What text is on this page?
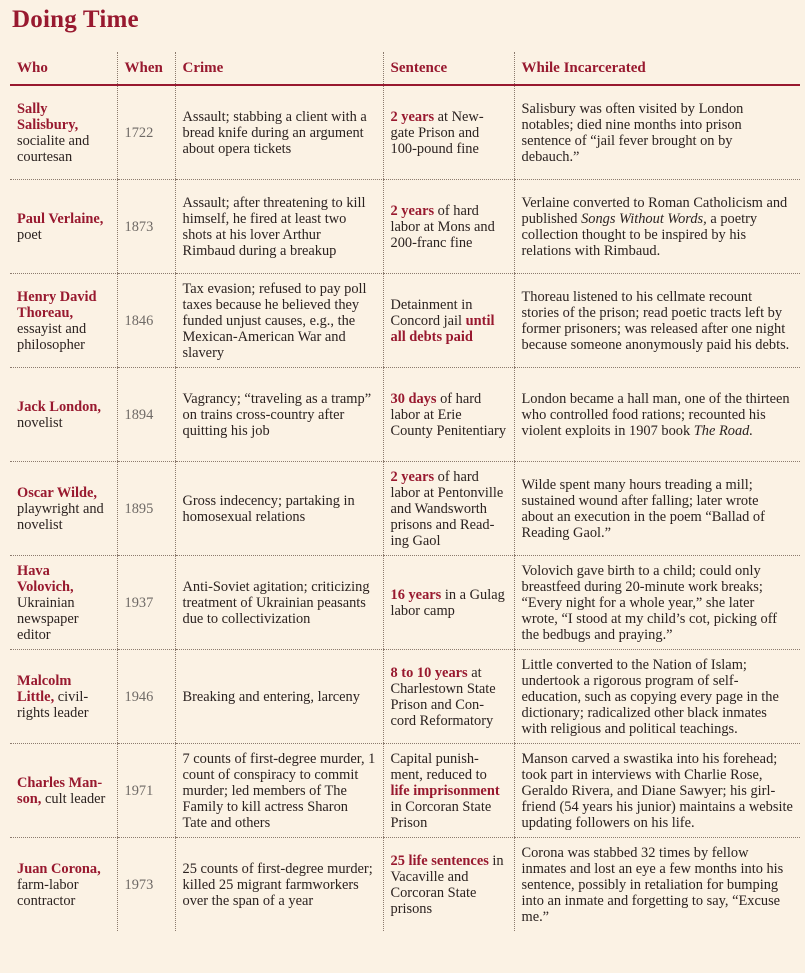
Doing Time
Who	When	Crime	Sentence	While Incarcerated
Sally Salisbury, socialite and courtesan	1722	Assault; stabbing a client with a bread knife during an argument about opera tickets	2 years at New-gate Prison and 100-pound fine	Salisbury was often visited by London notables; died nine months into prison sentence of “jail fever brought on by debauch.”
Paul Verlaine, poet	1873	Assault; after threatening to kill himself, he fired at least two shots at his lover Arthur Rimbaud during a breakup	2 years of hard labor at Mons and 200-franc fine	Verlaine converted to Roman Catholicism and published Songs Without Words, a poetry collection thought to be inspired by his relations with Rimbaud.
Henry David Thoreau, essayist and philosopher	1846	Tax evasion; refused to pay poll taxes because he believed they funded unjust causes, e.g., the Mexican-American War and slavery	Detainment in Concord jail until all debts paid	Thoreau listened to his cellmate recount stories of the prison; read poetic tracts left by former prisoners; was released after one night because someone anonymously paid his debts.
Jack London, novelist	1894	Vagrancy; “traveling as a tramp” on trains cross-country after quitting his job	30 days of hard labor at Erie County Penitentiary	London became a hall man, one of the thirteen who controlled food rations; recounted his violent exploits in 1907 book The Road.
Oscar Wilde, playwright and novelist	1895	Gross indecency; partaking in homosexual relations	2 years of hard labor at Pentonville and Wandsworth prisons and Read-ing Gaol	Wilde spent many hours treading a mill; sustained wound after falling; later wrote about an execution in the poem “Ballad of Reading Gaol.”
Hava Volovich, Ukrainian newspaper editor	1937	Anti-Soviet agitation; criticizing treatment of Ukrainian peasants due to collectivization	16 years in a Gulag labor camp	Volovich gave birth to a child; could only breastfeed during 20-minute work breaks; “Every night for a whole year,” she later wrote, “I stood at my child’s cot, picking off the bedbugs and praying.”
Malcolm Little, civil-rights leader	1946	Breaking and entering, larceny	8 to 10 years at Charlestown State Prison and Con-cord Reformatory	Little converted to the Nation of Islam; undertook a rigorous program of self-education, such as copying every page in the dictionary; radicalized other black inmates with religious and political teachings.
Charles Man-son, cult leader	1971	7 counts of first-degree murder, 1 count of conspiracy to commit murder; led members of The Family to kill actress Sharon Tate and others	Capital punish-ment, reduced to life imprisonment in Corcoran State Prison	Manson carved a swastika into his forehead; took part in interviews with Charlie Rose, Geraldo Rivera, and Diane Sawyer; his girl-friend (54 years his junior) maintains a website updating followers on his life.
Juan Corona, farm-labor contractor	1973	25 counts of first-degree murder; killed 25 migrant farmworkers over the span of a year	25 life sentences in Vacaville and Corcoran State prisons	Corona was stabbed 32 times by fellow inmates and lost an eye a few months into his sentence, possibly in retaliation for bumping into an inmate and forgetting to say, “Excuse me.”
